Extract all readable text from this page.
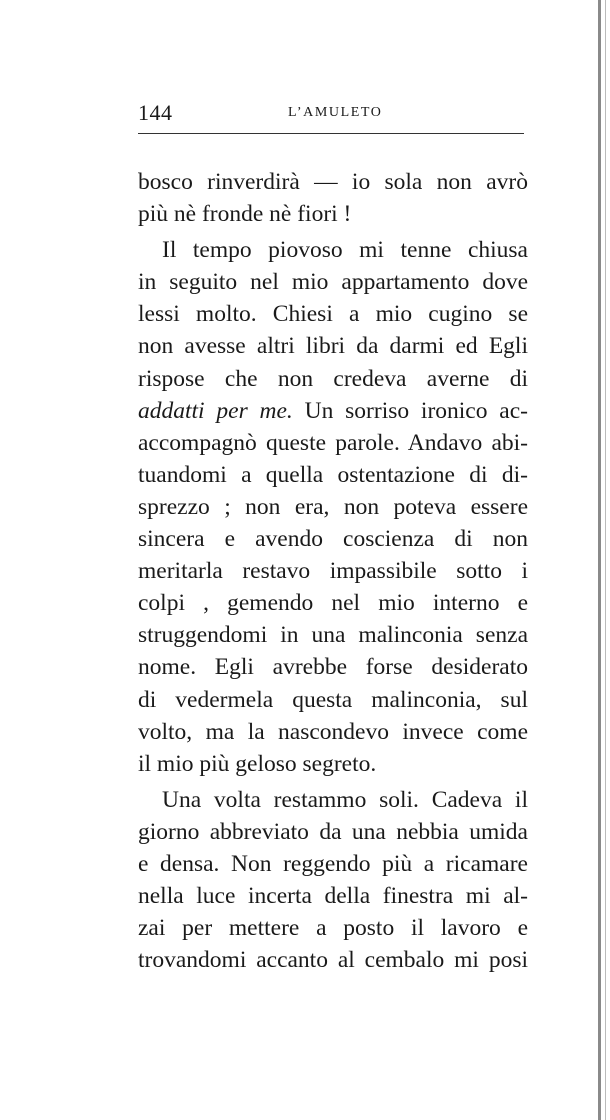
144	L’AMULETO
bosco rinverdirà — io sola non avrò
più nè fronde nè fiori !
Il tempo piovoso mi tenne chiusa
in seguito nel mio appartamento dove
lessi molto. Chiesi a mio cugino se
non avesse altri libri da darmi ed Egli
rispose che non credeva averne di
addatti per me. Un sorriso ironico ac-
accompagnò queste parole. Andavo abi-
tuandomi a quella ostentazione di di-
sprezzo ; non era, non poteva essere
sincera e avendo coscienza di non
meritarla restavo impassibile sotto i
colpi , gemendo nel mio interno e
struggendomi in una malinconia senza
nome. Egli avrebbe forse desiderato
di vedermela questa malinconia, sul
volto, ma la nascondevo invece come
il mio più geloso segreto.
Una volta restammo soli. Cadeva il
giorno abbreviato da una nebbia umida
e densa. Non reggendo più a ricamare
nella luce incerta della finestra mi al-
zai per mettere a posto il lavoro e
trovandomi accanto al cembalo mi posi
